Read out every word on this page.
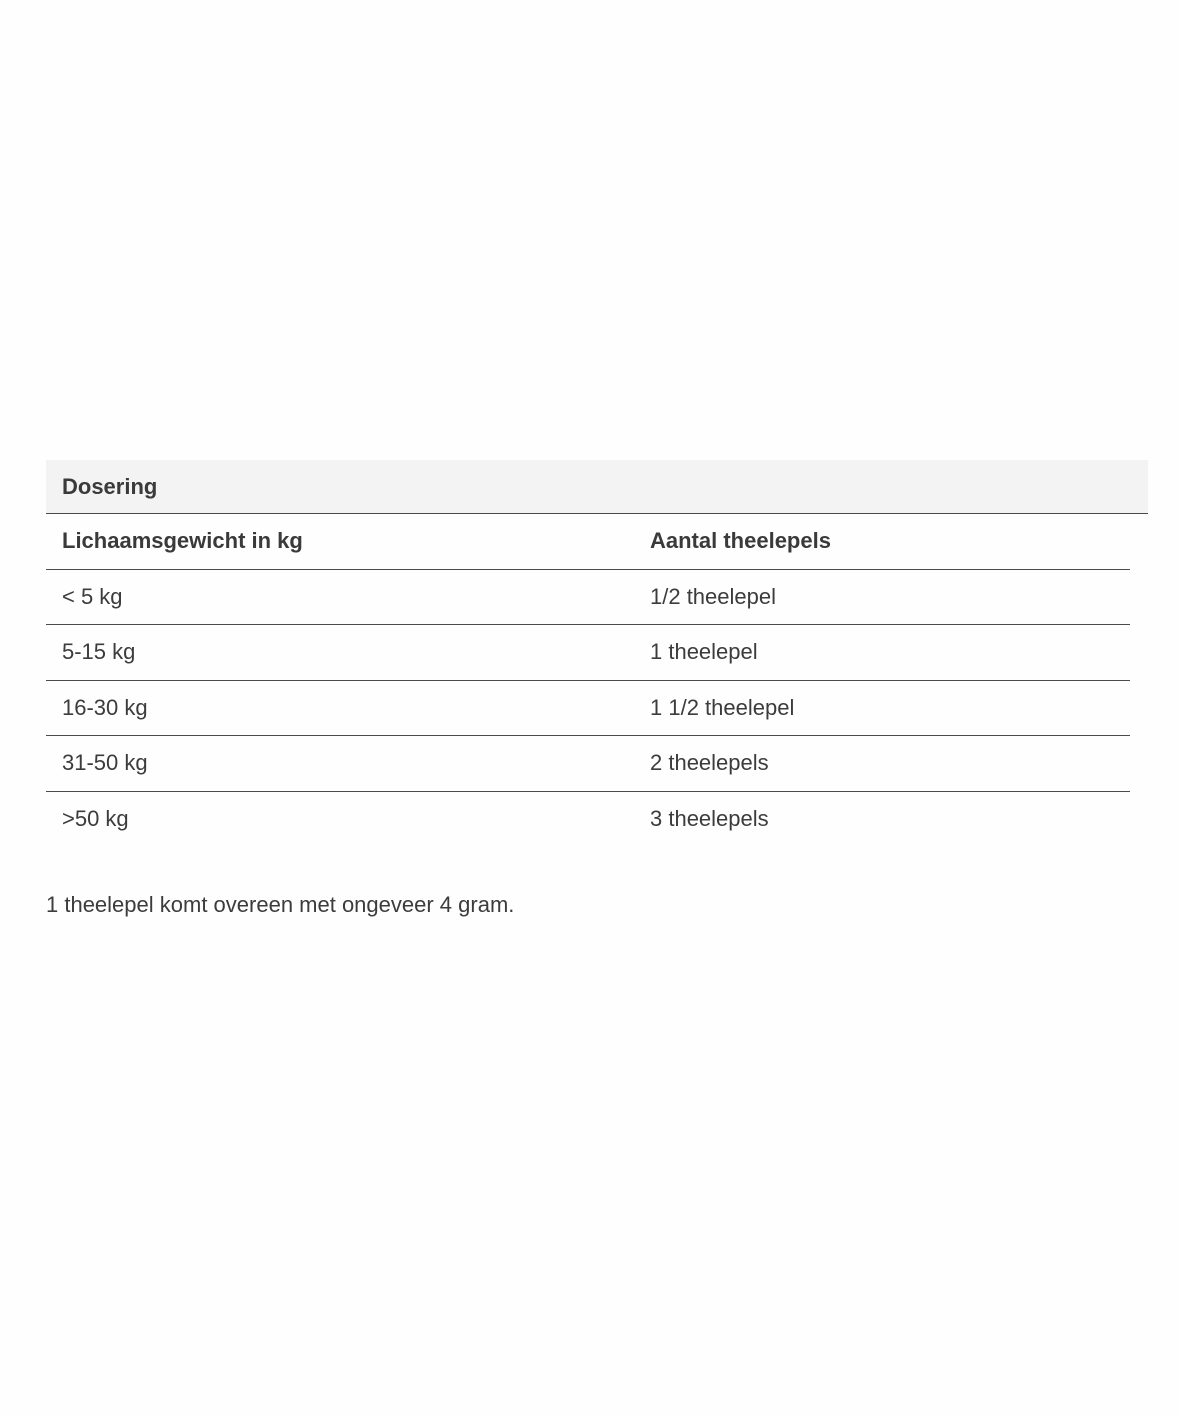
Dosering
Lichaamsgewicht in kg	Aantal theelepels
< 5 kg	1/2 theelepel
5-15 kg	1 theelepel
16-30 kg	1 1/2 theelepel
31-50 kg	2 theelepels
>50 kg	3 theelepels
1 theelepel komt overeen met ongeveer 4 gram.
